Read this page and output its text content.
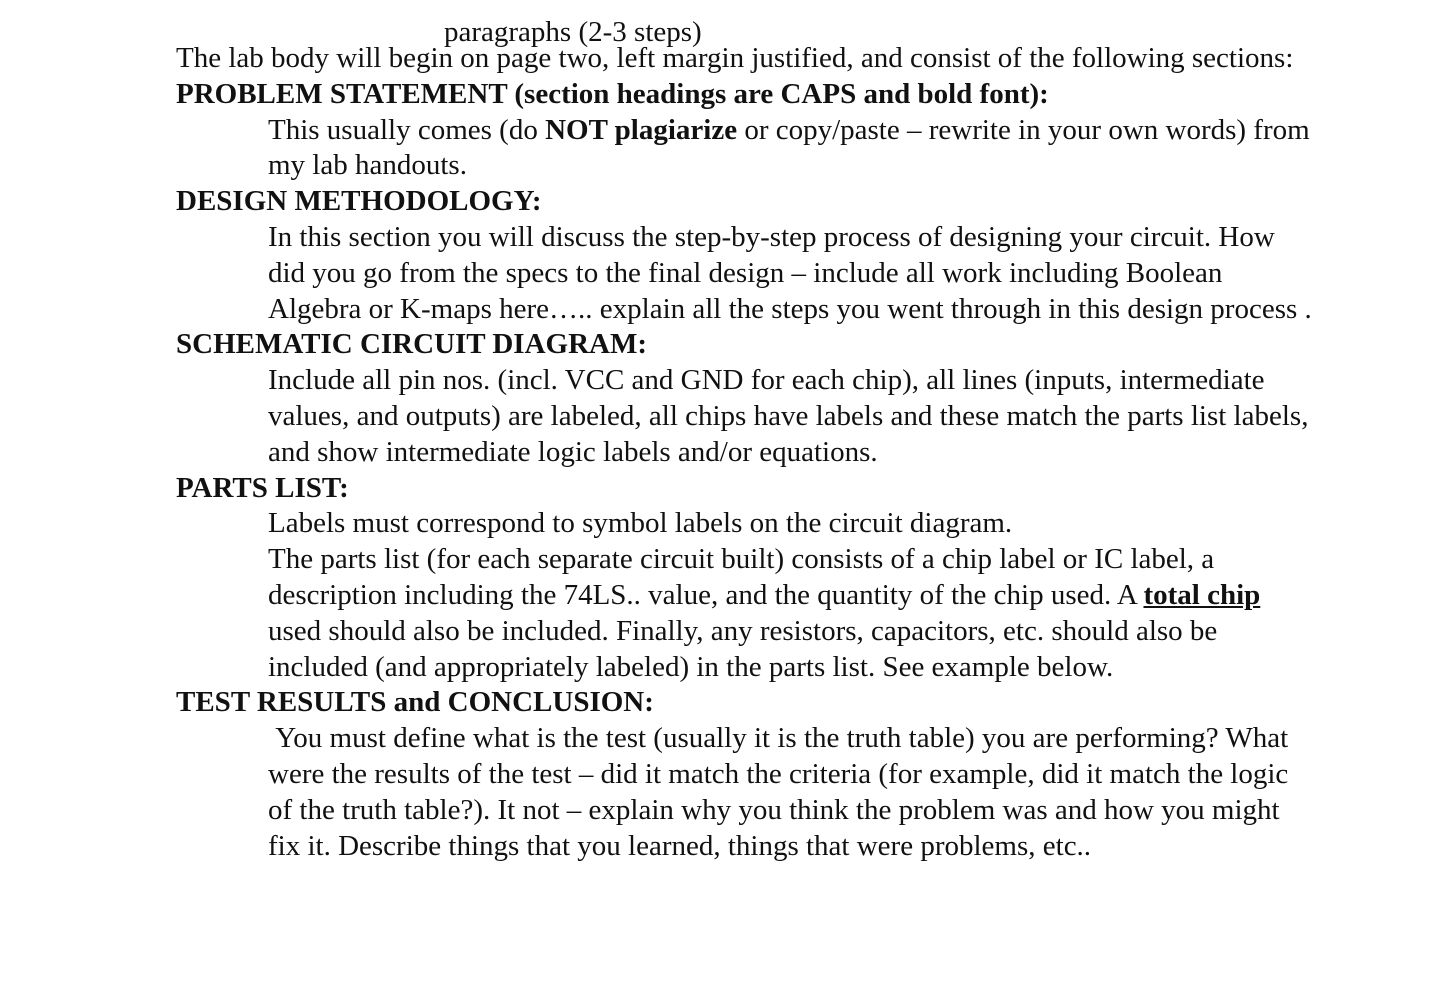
paragraphs (2-3 steps)

The lab body will begin on page two, left margin justified, and consist of the following sections:

PROBLEM STATEMENT (section headings are CAPS and bold font):

This usually comes (do NOT plagiarize or copy/paste – rewrite in your own words) from my lab handouts.

DESIGN METHODOLOGY:

In this section you will discuss the step-by-step process of designing your circuit. How did you go from the specs to the final design – include all work including Boolean Algebra or K-maps here….. explain all the steps you went through in this design process .

SCHEMATIC CIRCUIT DIAGRAM:

Include all pin nos. (incl. VCC and GND for each chip), all lines (inputs, intermediate values, and outputs) are labeled, all chips have labels and these match the parts list labels, and show intermediate logic labels and/or equations.

PARTS LIST:

Labels must correspond to symbol labels on the circuit diagram.

The parts list (for each separate circuit built) consists of a chip label or IC label, a description including the 74LS.. value, and the quantity of the chip used. A total chip used should also be included. Finally, any resistors, capacitors, etc. should also be included (and appropriately labeled) in the parts list. See example below.

TEST RESULTS and CONCLUSION:

You must define what is the test (usually it is the truth table) you are performing? What were the results of the test – did it match the criteria (for example, did it match the logic of the truth table?). It not – explain why you think the problem was and how you might fix it. Describe things that you learned, things that were problems, etc..
